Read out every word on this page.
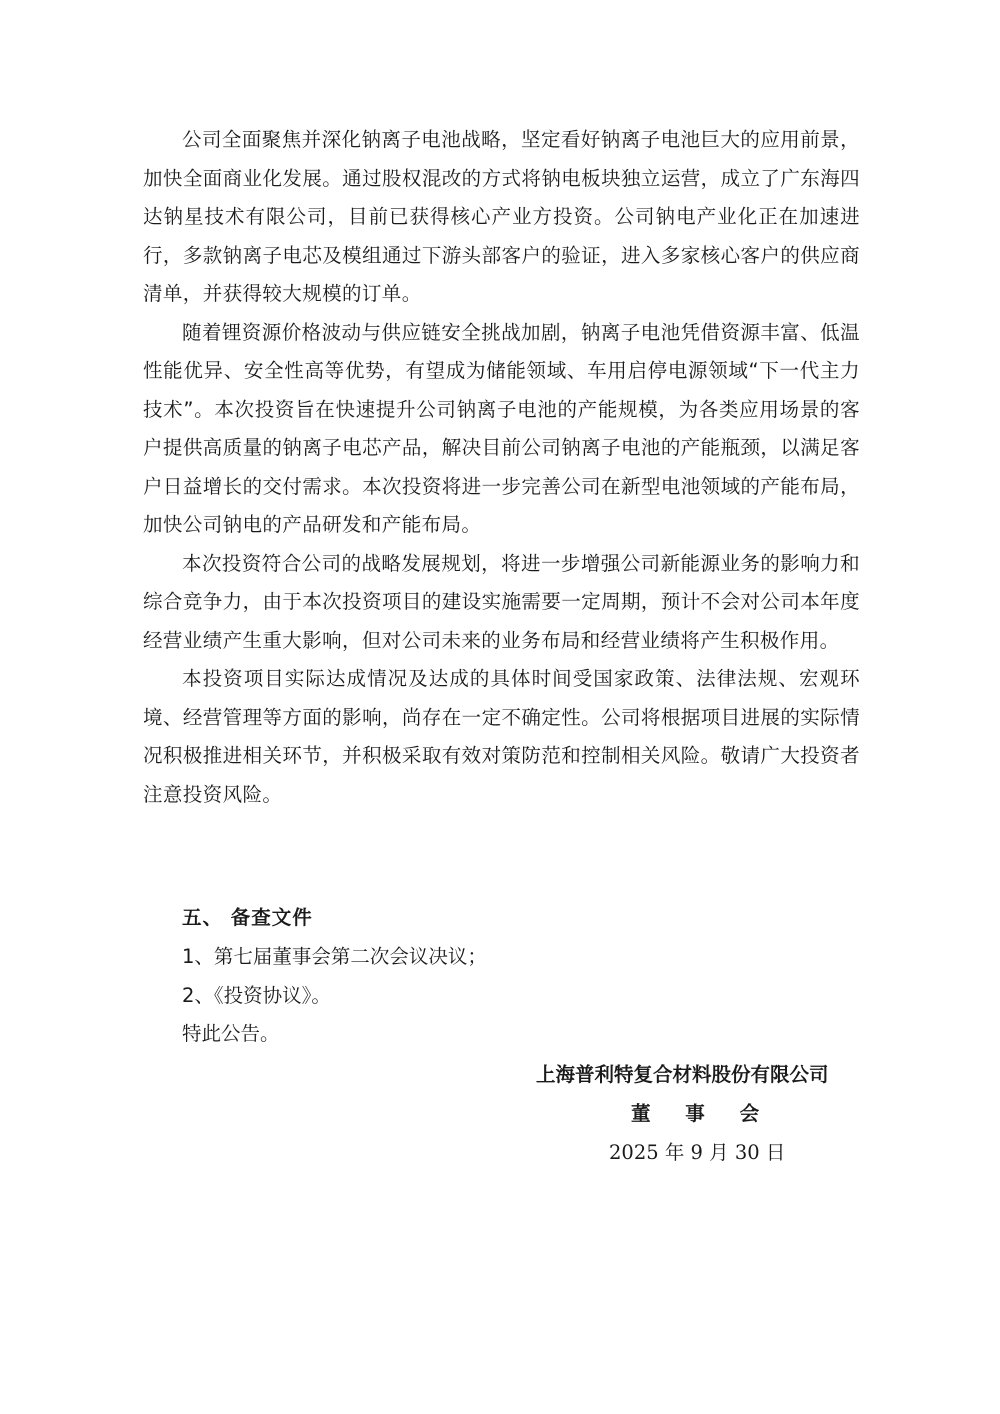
公司全面聚焦并深化钠离子电池战略，坚定看好钠离子电池巨大的应用前景，加快全面商业化发展。通过股权混改的方式将钠电板块独立运营，成立了广东海四达钠星技术有限公司，目前已获得核心产业方投资。公司钠电产业化正在加速进行，多款钠离子电芯及模组通过下游头部客户的验证，进入多家核心客户的供应商清单，并获得较大规模的订单。

随着锂资源价格波动与供应链安全挑战加剧，钠离子电池凭借资源丰富、低温性能优异、安全性高等优势，有望成为储能领域、车用启停电源领域“下一代主力技术”。本次投资旨在快速提升公司钠离子电池的产能规模，为各类应用场景的客户提供高质量的钠离子电芯产品，解决目前公司钠离子电池的产能瓶颈，以满足客户日益增长的交付需求。本次投资将进一步完善公司在新型电池领域的产能布局，加快公司钠电的产品研发和产能布局。

本次投资符合公司的战略发展规划，将进一步增强公司新能源业务的影响力和综合竞争力，由于本次投资项目的建设实施需要一定周期，预计不会对公司本年度经营业绩产生重大影响，但对公司未来的业务布局和经营业绩将产生积极作用。

本投资项目实际达成情况及达成的具体时间受国家政策、法律法规、宏观环境、经营管理等方面的影响，尚存在一定不确定性。公司将根据项目进展的实际情况积极推进相关环节，并积极采取有效对策防范和控制相关风险。敬请广大投资者注意投资风险。

五、 备查文件
1、第七届董事会第二次会议决议；
2、《投资协议》。
特此公告。
上海普利特复合材料股份有限公司
董 事 会
2025 年 9 月 30 日
